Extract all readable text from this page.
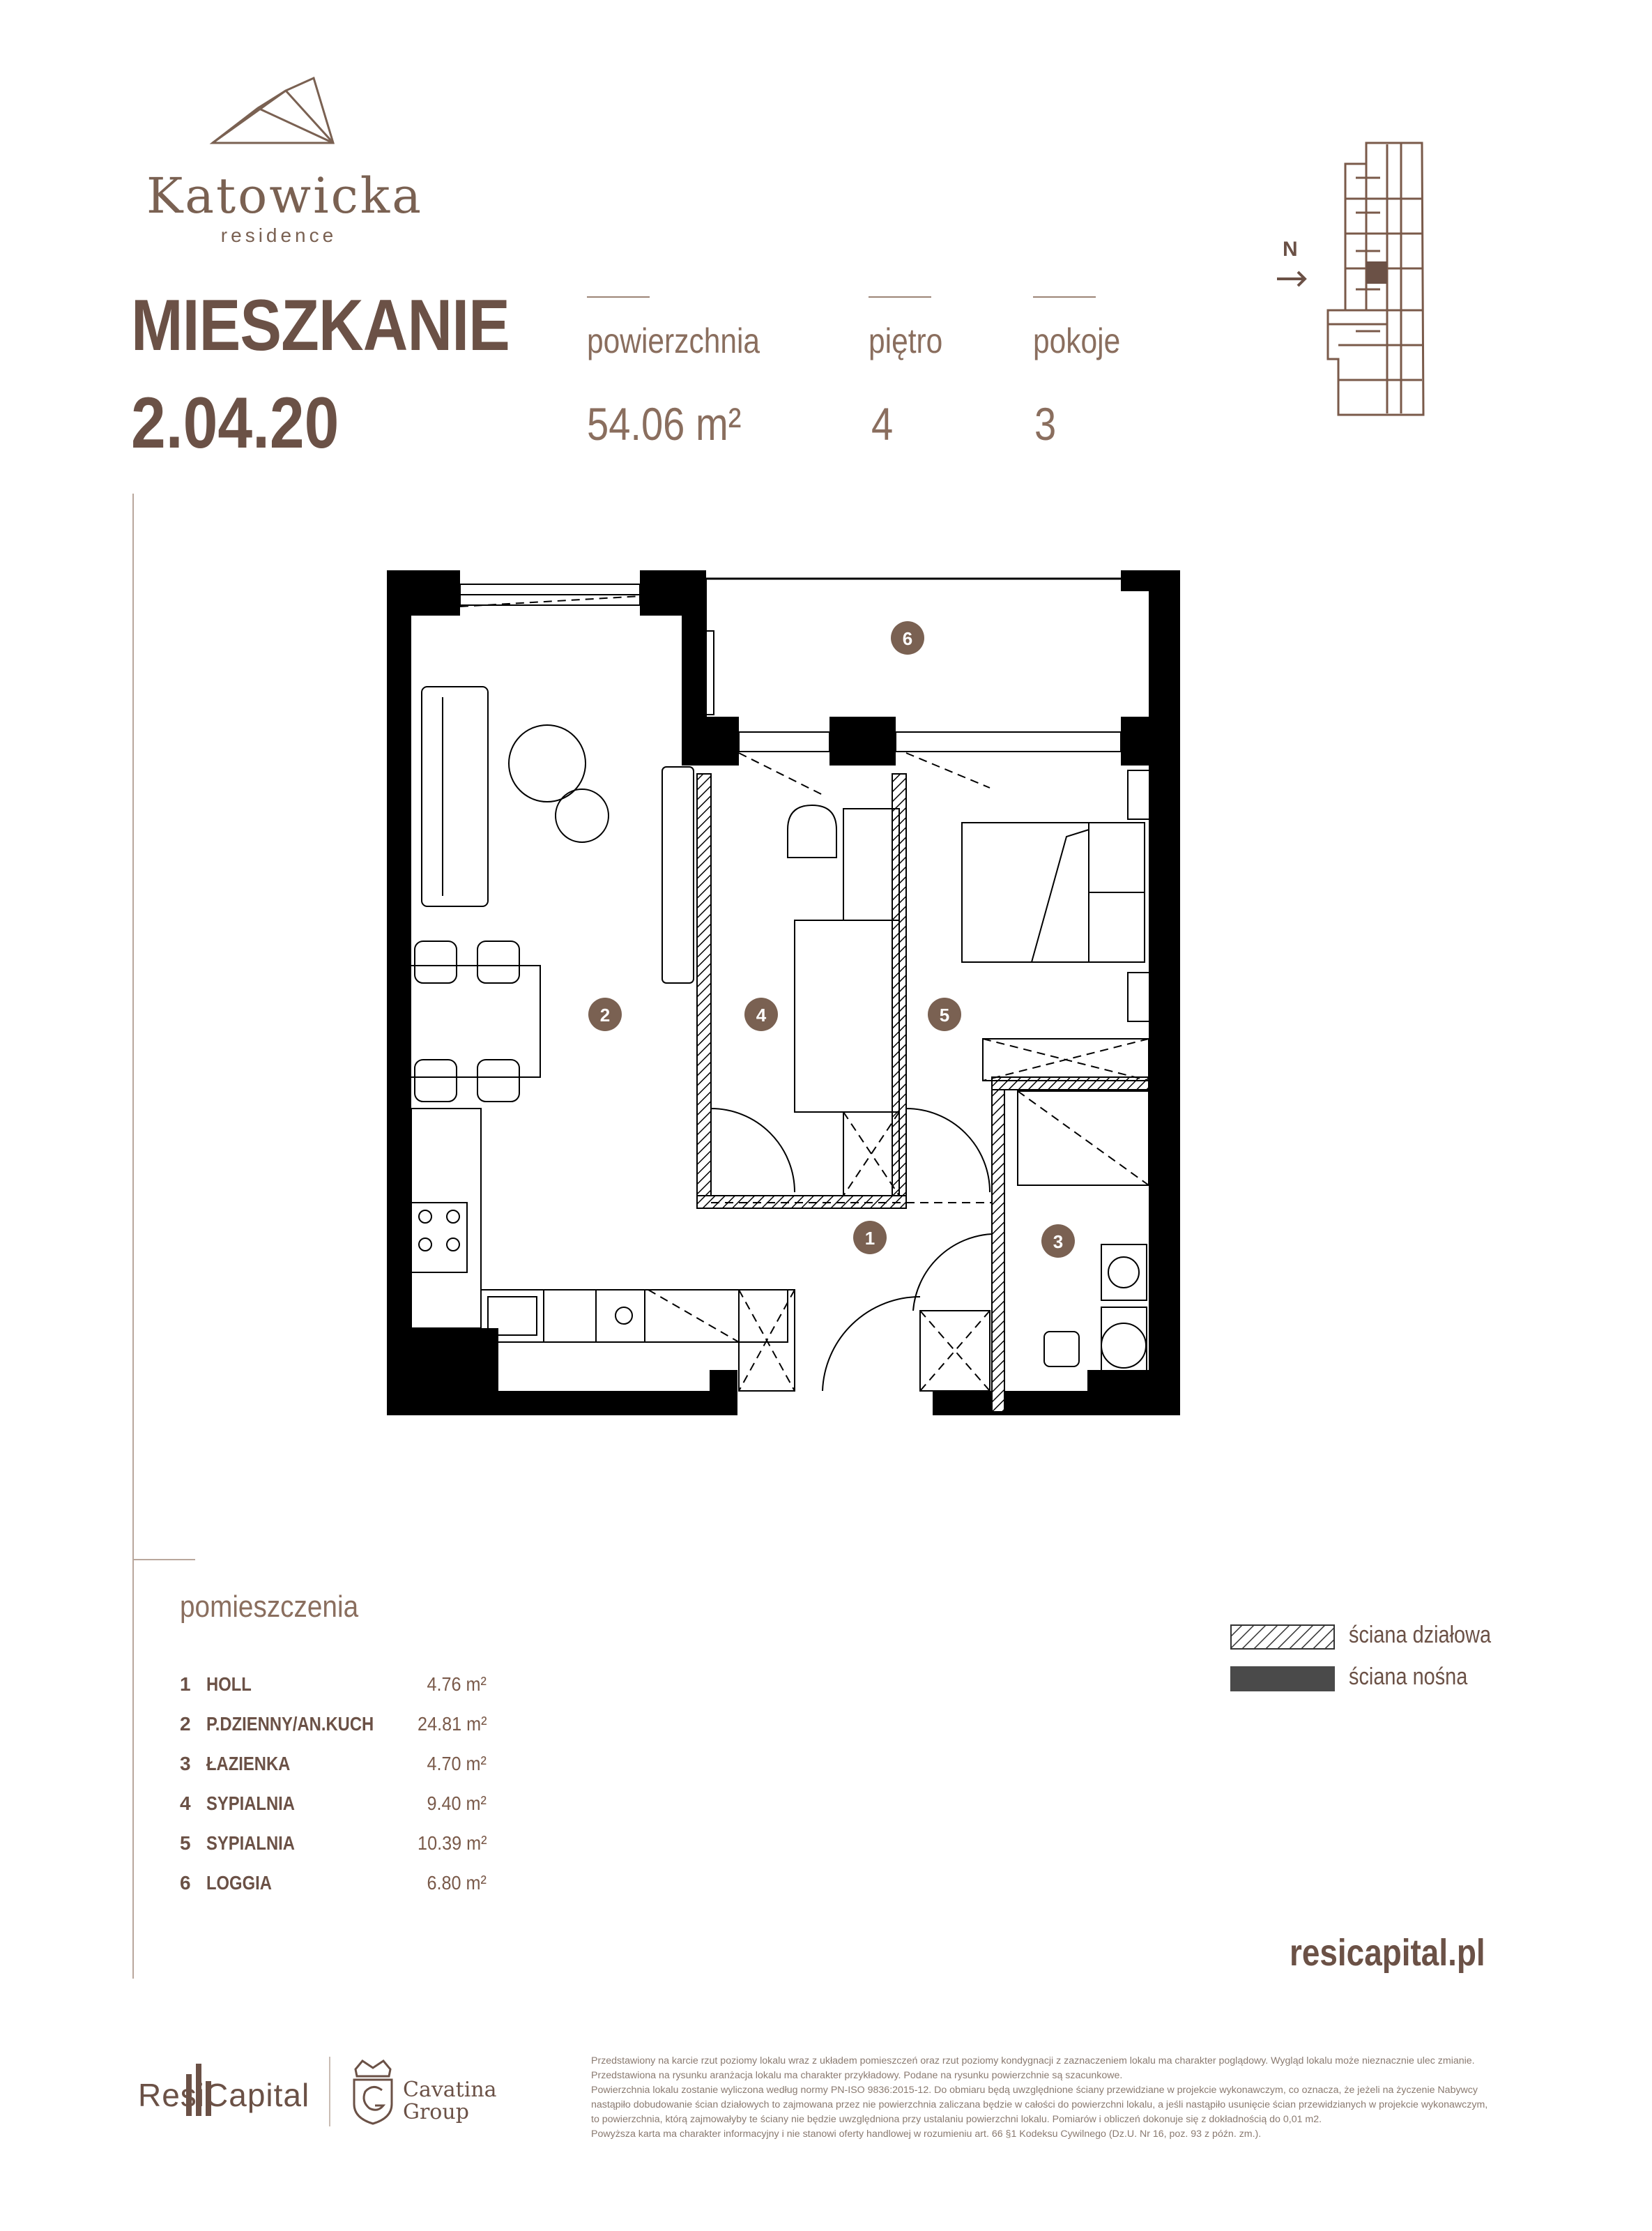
Katowicka
residence
MIESZKANIE
2.04.20
powierzchnia	piętro	pokoje
54.06 m²	4	3
N
1
2
3
4	5
6
pomieszczenia
1 HOLL	4.76 m²
2 P.DZIENNY/AN.KUCH 24.81 m²
3 ŁAZIENKA	4.70 m²
4 SYPIALNIA	9.40 m²
5 SYPIALNIA	10.39 m²
6 LOGGIA	6.80 m²
ściana działowa
ściana nośna
resicapital.pl
ResiCapital	Cavatina
Group

Przedstawiony na karcie rzut poziomy lokalu wraz z układem pomieszczeń oraz rzut poziomy kondygnacji z zaznaczeniem lokalu ma charakter poglądowy. Wygląd lokalu może nieznacznie ulec zmianie.

Przedstawiona na rysunku aranżacja lokalu ma charakter przykładowy. Podane na rysunku powierzchnie są szacunkowe.

Powierzchnia lokalu zostanie wyliczona według normy PN-ISO 9836:2015-12. Do obmiaru będą uwzględnione ściany przewidziane w projekcie wykonawczym, co oznacza, że jeżeli na życzenie Nabywcy nastąpiło dobudowanie ścian działowych to zajmowana przez nie powierzchnia zaliczana będzie w całości do powierzchni lokalu, a jeśli nastąpiło usunięcie ścian przewidzianych w projekcie wykonawczym, to powierzchnia, którą zajmowałyby te ściany nie będzie uwzględniona przy ustalaniu powierzchni lokalu. Pomiarów i obliczeń dokonuje się z dokładnością do 0,01 m2.

Powyższa karta ma charakter informacyjny i nie stanowi oferty handlowej w rozumieniu art. 66 §1 Kodeksu Cywilnego (Dz.U. Nr 16, poz. 93 z późn. zm.).
